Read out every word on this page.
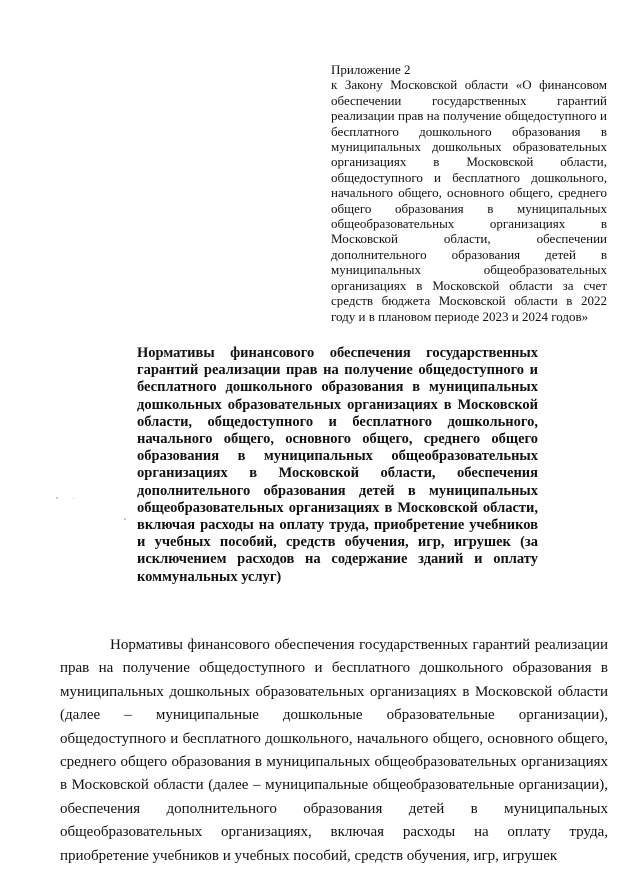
Приложение 2
к Закону Московской области «О финансовом обеспечении государственных гарантий реализации прав на получение общедоступного и бесплатного дошкольного образования в муниципальных дошкольных образовательных организациях в Московской области, общедоступного и бесплатного дошкольного, начального общего, основного общего, среднего общего образования в муниципальных общеобразовательных организациях в Московской области, обеспечении дополнительного образования детей в муниципальных общеобразовательных организациях в Московской области за счет средств бюджета Московской области в 2022 году и в плановом периоде 2023 и 2024 годов»
Нормативы финансового обеспечения государственных гарантий реализации прав на получение общедоступного и бесплатного дошкольного образования в муниципальных дошкольных образовательных организациях в Московской области, общедоступного и бесплатного дошкольного, начального общего, основного общего, среднего общего образования в муниципальных общеобразовательных организациях в Московской области, обеспечения дополнительного образования детей в муниципальных общеобразовательных организациях в Московской области, включая расходы на оплату труда, приобретение учебников и учебных пособий, средств обучения, игр, игрушек (за исключением расходов на содержание зданий и оплату коммунальных услуг)

Нормативы финансового обеспечения государственных гарантий реализации прав на получение общедоступного и бесплатного дошкольного образования в муниципальных дошкольных образовательных организациях в Московской области (далее – муниципальные дошкольные образовательные организации), общедоступного и бесплатного дошкольного, начального общего, основного общего, среднего общего образования в муниципальных общеобразовательных организациях в Московской области (далее – муниципальные общеобразовательные организации), обеспечения дополнительного образования детей в муниципальных общеобразовательных организациях, включая расходы на оплату труда, приобретение учебников и учебных пособий, средств обучения, игр, игрушек
